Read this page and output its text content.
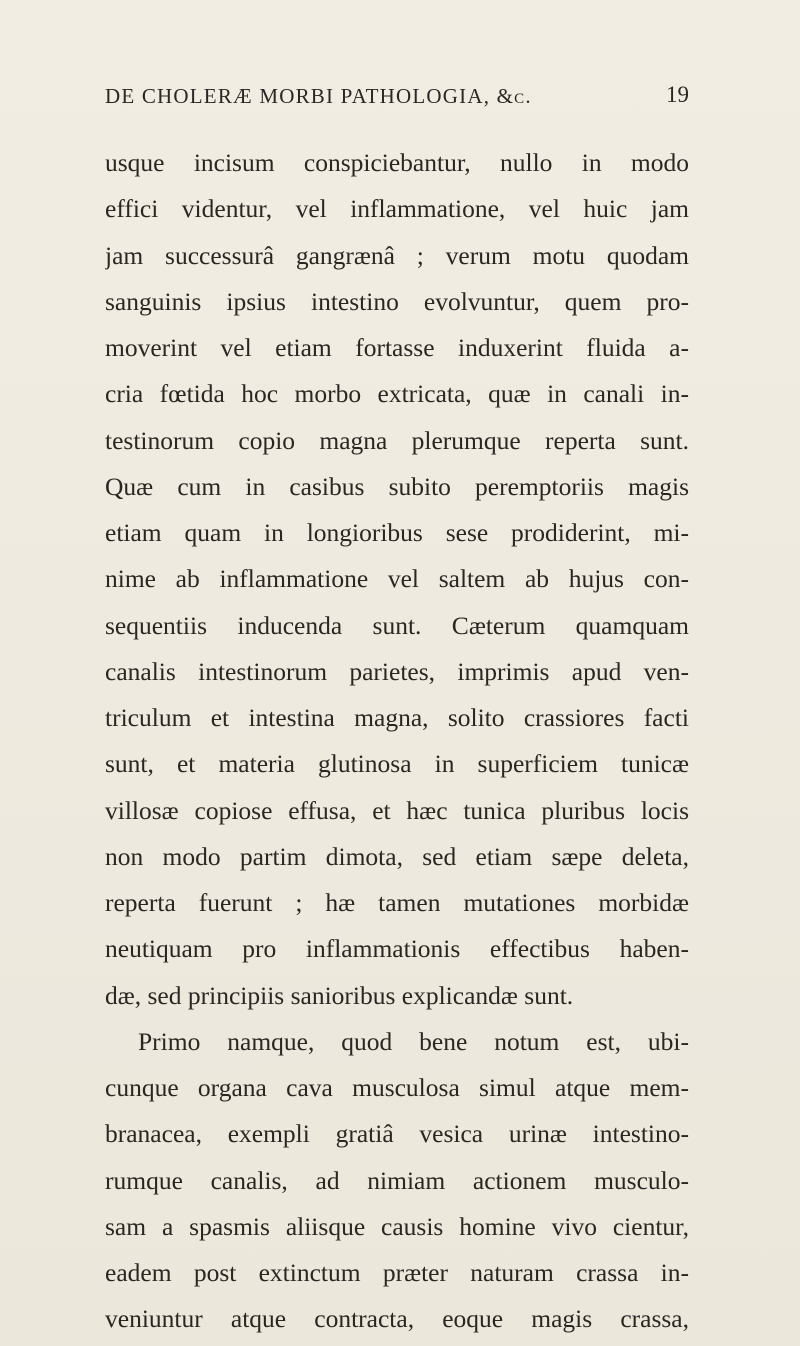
DE CHOLERÆ MORBI PATHOLOGIA, &c.	19
usque incisum conspiciebantur, nullo in modo
effici videntur, vel inflammatione, vel huic jam
jam successurâ gangrænâ ; verum motu quodam
sanguinis ipsius intestino evolvuntur, quem pro-
moverint vel etiam fortasse induxerint fluida a-
cria fœtida hoc morbo extricata, quæ in canali in-
testinorum copio magna plerumque reperta sunt.
Quæ cum in casibus subito peremptoriis magis
etiam quam in longioribus sese prodiderint, mi-
nime ab inflammatione vel saltem ab hujus con-
sequentiis inducenda sunt. Cæterum quamquam
canalis intestinorum parietes, imprimis apud ven-
triculum et intestina magna, solito crassiores facti
sunt, et materia glutinosa in superficiem tunicæ
villosæ copiose effusa, et hæc tunica pluribus locis
non modo partim dimota, sed etiam sæpe deleta,
reperta fuerunt ; hæ tamen mutationes morbidæ
neutiquam pro inflammationis effectibus haben-
dæ, sed principiis sanioribus explicandæ sunt.
Primo namque, quod bene notum est, ubi-
cunque organa cava musculosa simul atque mem-
branacea, exempli gratiâ vesica urinæ intestino-
rumque canalis, ad nimiam actionem musculo-
sam a spasmis aliisque causis homine vivo cientur,
eadem post extinctum præter naturam crassa in-
veniuntur atque contracta, eoque magis crassa,
